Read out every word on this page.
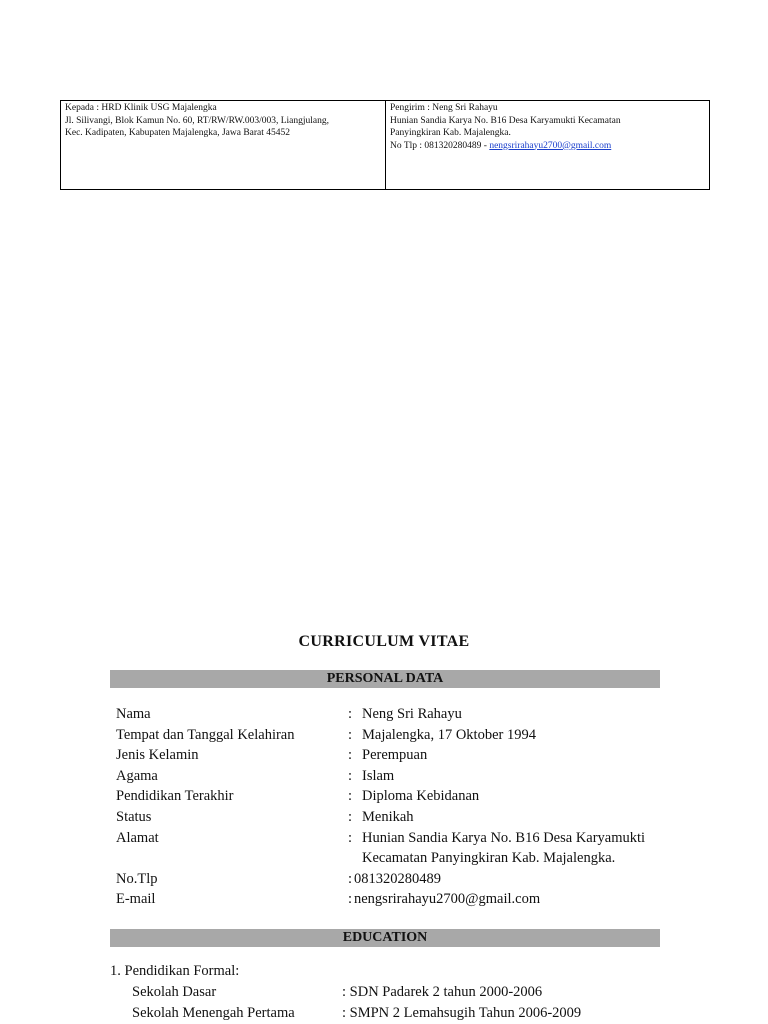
Kepada : HRD Klinik USG Majalengka
Jl. Silivangi, Blok Kamun No. 60, RT/RW/RW.003/003, Liangjulang,
Kec. Kadipaten, Kabupaten Majalengka, Jawa Barat 45452
Pengirim : Neng Sri Rahayu
Hunian Sandia Karya No. B16 Desa Karyamukti Kecamatan
Panyingkiran Kab. Majalengka.
No Tlp : 081320280489 - nengsrirahayu2700@gmail.com
CURRICULUM VITAE
PERSONAL DATA
Nama	: Neng Sri Rahayu
Tempat dan Tanggal Kelahiran	: Majalengka, 17 Oktober 1994
Jenis Kelamin	: Perempuan
Agama	: Islam
Pendidikan Terakhir	: Diploma Kebidanan
Status	: Menikah
Alamat	: Hunian Sandia Karya No. B16 Desa Karyamukti
Kecamatan Panyingkiran Kab. Majalengka.
No.Tlp	: 081320280489
E-mail	: nengsrirahayu2700@gmail.com
EDUCATION
1. Pendidikan Formal:
Sekolah Dasar	: SDN Padarek 2 tahun 2000-2006
Sekolah Menengah Pertama	: SMPN 2 Lemahsugih Tahun 2006-2009
